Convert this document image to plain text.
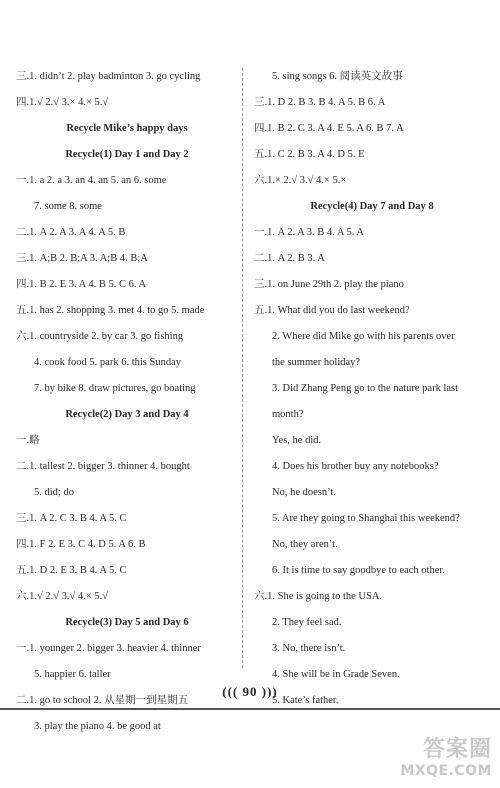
三.1. didn’t 2. play badminton 3. go cycling
四.1.√ 2.√ 3.× 4.× 5.√
Recycle Mike’s happy days
Recycle(1) Day 1 and Day 2
一.1. a 2. a 3. an 4. an 5. an 6. some
7. some 8. some
二.1. A 2. A 3. A 4. A 5. B
三.1. A;B 2. B;A 3. A;B 4. B;A
四.1. B 2. E 3. A 4. B 5. C 6. A
五.1. has 2. shopping 3. met 4. to go 5. made
六.1. countryside 2. by car 3. go fishing
4. cook food 5. park 6. this Sunday
7. by bike 8. draw pictures, go boating
Recycle(2) Day 3 and Day 4
一.略
二.1. tallest 2. bigger 3. thinner 4. bought
5. did; do
三.1. A 2. C 3. B 4. A 5. C
四.1. F 2. E 3. C 4. D 5. A 6. B
五.1. D 2. E 3. B 4. A 5. C
六.1.√ 2.√ 3.√ 4.× 5.√
Recycle(3) Day 5 and Day 6
一.1. younger 2. bigger 3. heavier 4. thinner
5. happier 6. taller
二.1. go to school 2. 从星期一到星期五
3. play the piano 4. be good at
5. sing songs 6. 阅读英文故事
三.1. D 2. B 3. B 4. A 5. B 6. A
四.1. B 2. C 3. A 4. E 5. A 6. B 7. A
五.1. C 2. B 3. A 4. D 5. E
六.1.× 2.√ 3.√ 4.× 5.×
Recycle(4) Day 7 and Day 8
一.1. A 2. A 3. B 4. A 5. A
二.1. A 2. B 3. A
三.1. on June 29th 2. play the piano
五.1. What did you do last weekend?
2. Where did Mike go with his parents over
the summer holiday?
3. Did Zhang Peng go to the nature park last
month?
Yes, he did.
4. Does his brother buy any notebooks?
No, he doesn’t.
5. Are they going to Shanghai this weekend?
No, they aren’t.
6. It is time to say goodbye to each other.
六.1. She is going to the USA.
2. They feel sad.
3. No, there isn’t.
4. She will be in Grade Seven.
5. Kate’s father.
((( 90 )))
答案圈
MXQE.COM
